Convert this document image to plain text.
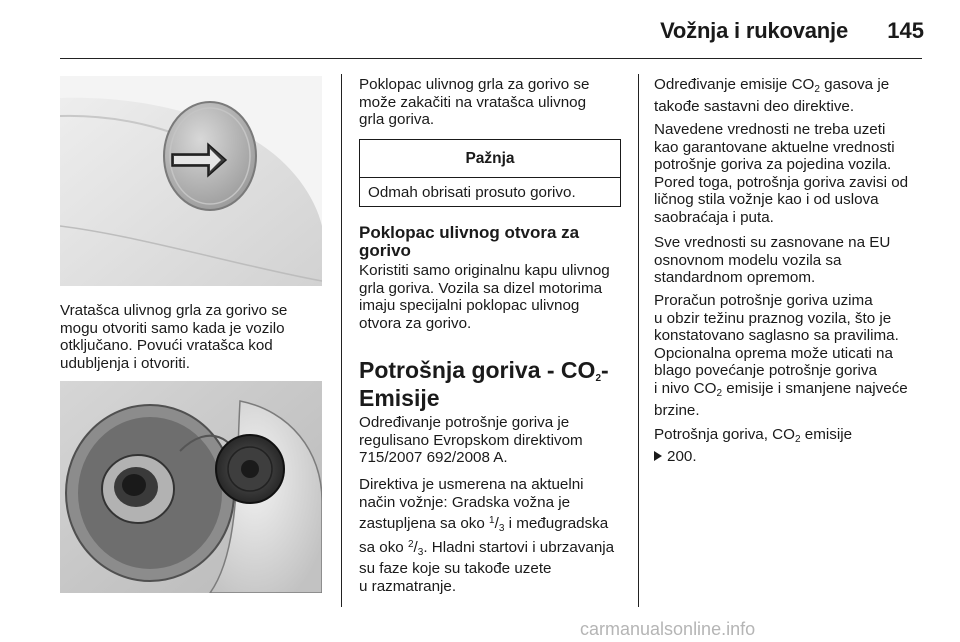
Vožnja i rukovanje	145
Vratašca ulivnog grla za gorivo se
mogu otvoriti samo kada je vozilo
otključano. Povući vratašca kod
udubljenja i otvoriti.
Poklopac ulivnog grla za gorivo se
može zakačiti na vratašca ulivnog
grla goriva.
Pažnja
Odmah obrisati prosuto gorivo.
Poklopac ulivnog otvora za
gorivo
Koristiti samo originalnu kapu ulivnog
grla goriva. Vozila sa dizel motorima
imaju specijalni poklopac ulivnog
otvora za gorivo.
Potrošnja goriva - $CO_2-$
Emisije
Određivanje potrošnje goriva je
regulisano Evropskom direktivom
715/2007 692/2008 A.
Direktiva je usmerena na aktuelni
način vožnje: Gradska vožna je
zastupljena sa oko $^1/_3$ i međugradska
sa oko $^2/_3$. Hladni startovi i ubrzavanja
su faze koje su takođe uzete
u razmatranje.
Određivanje emisije $CO_2$ gasova je
takođe sastavni deo direktive.
Navedene vrednosti ne treba uzeti
kao garantovane aktuelne vrednosti
potrošnje goriva za pojedina vozila.
Pored toga, potrošnja goriva zavisi od
ličnog stila vožnje kao i od uslova
saobraćaja i puta.
Sve vrednosti su zasnovane na EU
osnovnom modelu vozila sa
standardnom opremom.
Proračun potrošnje goriva uzima
u obzir težinu praznog vozila, što je
konstatovano saglasno sa pravilima.
Opcionalna oprema može uticati na
blago povećanje potrošnje goriva
i nivo $CO_2$ emisije i smanjene najveće
brzine.
Potrošnja goriva, $CO_2$ emisije
200.
carmanualsonline.info
